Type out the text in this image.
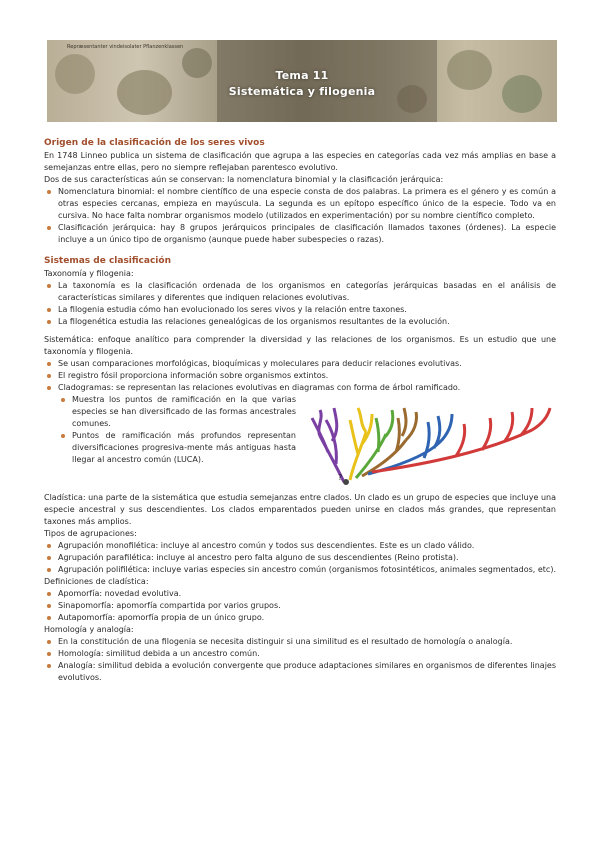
Repræsentanter vindeisolater Pflanzenklassen
Tema 11
Sistemática y filogenia
Origen de la clasificación de los seres vivos

En 1748 Linneo publica un sistema de clasificación que agrupa a las especies en categorías cada vez más amplias en base a semejanzas entre ellas, pero no siempre reflejaban parentesco evolutivo.

Dos de sus características aún se conservan: la nomenclatura binomial y la clasificación jerárquica:

Nomenclatura binomial: el nombre científico de una especie consta de dos palabras. La primera es el género y es común a otras especies cercanas, empieza en mayúscula. La segunda es un epítopo específico único de la especie. Todo va en cursiva. No hace falta nombrar organismos modelo (utilizados en experimentación) por su nombre científico completo.
Clasificación jerárquica: hay 8 grupos jerárquicos principales de clasificación llamados taxones (órdenes). La especie incluye a un único tipo de organismo (aunque puede haber subespecies o razas).
Sistemas de clasificación

Taxonomía y filogenia:

La taxonomía es la clasificación ordenada de los organismos en categorías jerárquicas basadas en el análisis de características similares y diferentes que indiquen relaciones evolutivas.
La filogenia estudia cómo han evolucionado los seres vivos y la relación entre taxones.
La filogenética estudia las relaciones genealógicas de los organismos resultantes de la evolución.

Sistemática: enfoque analítico para comprender la diversidad y las relaciones de los organismos. Es un estudio que une taxonomía y filogenia.

Se usan comparaciones morfológicas, bioquímicas y moleculares para deducir relaciones evolutivas.
El registro fósil proporciona información sobre organismos extintos.
Cladogramas: se representan las relaciones evolutivas en diagramas con forma de árbol ramificado.
Muestra los puntos de ramificación en la que varias especies se han diversificado de las formas ancestrales comunes.
Puntos de ramificación más profundos representan diversificaciones progresiva-mente más antiguas hasta llegar al ancestro común (LUCA).
?

Cladística: una parte de la sistemática que estudia semejanzas entre clados. Un clado es un grupo de especies que incluye una especie ancestral y sus descendientes. Los clados emparentados pueden unirse en clados más grandes, que representan taxones más amplios.

Tipos de agrupaciones:

Agrupación monofilética: incluye al ancestro común y todos sus descendientes. Este es un clado válido.
Agrupación parafilética: incluye al ancestro pero falta alguno de sus descendientes (Reino protista).
Agrupación polifilética: incluye varias especies sin ancestro común (organismos fotosintéticos, animales segmentados, etc).

Definiciones de cladística:

Apomorfía: novedad evolutiva.
Sinapomorfía: apomorfía compartida por varios grupos.
Autapomorfía: apomorfía propia de un único grupo.

Homología y analogía:

En la constitución de una filogenia se necesita distinguir si una similitud es el resultado de homología o analogía.
Homología: similitud debida a un ancestro común.
Analogía: similitud debida a evolución convergente que produce adaptaciones similares en organismos de diferentes linajes evolutivos.
